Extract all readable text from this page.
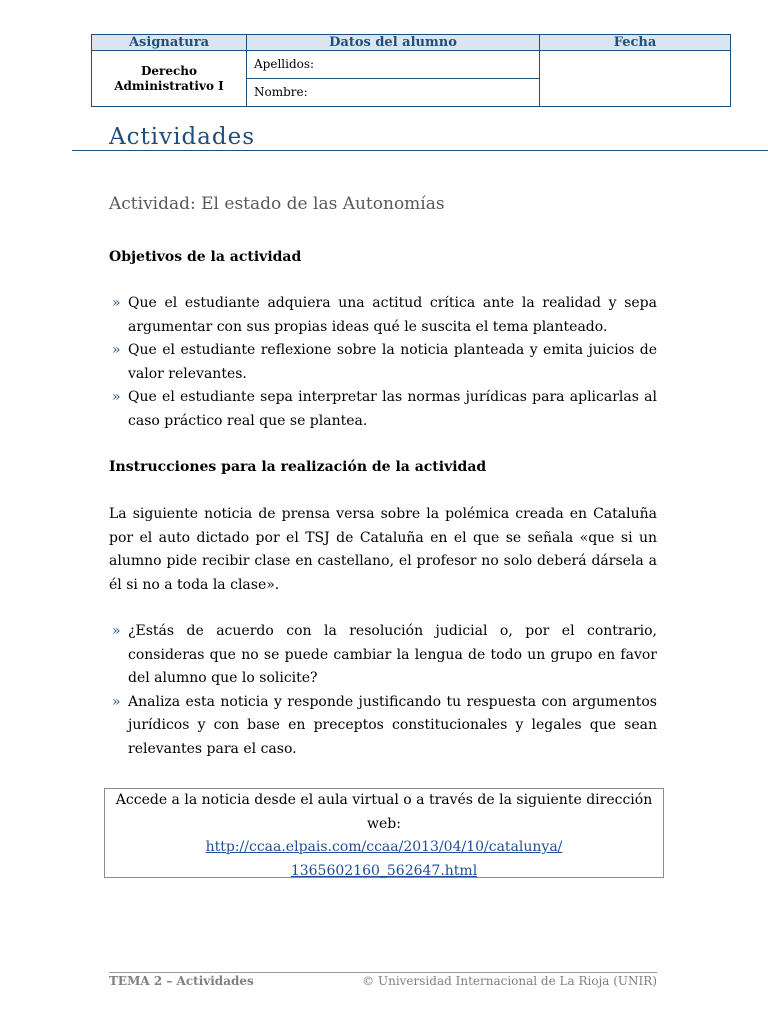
Asignatura
Derecho
Administrativo I
Datos del alumno
Apellidos:
Nombre:
Fecha
Actividades
Actividad: El estado de las Autonomías
Objetivos de la actividad
» Que el estudiante adquiera una actitud crítica ante la realidad y sepa argumentar con sus propias ideas qué le suscita el tema planteado.
» Que el estudiante reflexione sobre la noticia planteada y emita juicios de valor relevantes.
» Que el estudiante sepa interpretar las normas jurídicas para aplicarlas al caso práctico real que se plantea.
Instrucciones para la realización de la actividad
La siguiente noticia de prensa versa sobre la polémica creada en Cataluña por el auto dictado por el TSJ de Cataluña en el que se señala «que si un alumno pide recibir clase en castellano, el profesor no solo deberá dársela a él si no a toda la clase».
» ¿Estás de acuerdo con la resolución judicial o, por el contrario, consideras que no se puede cambiar la lengua de todo un grupo en favor del alumno que lo solicite?
» Analiza esta noticia y responde justificando tu respuesta con argumentos jurídicos y con base en preceptos constitucionales y legales que sean relevantes para el caso.
Accede a la noticia desde el aula virtual o a través de la siguiente dirección web:
http://ccaa.elpais.com/ccaa/2013/04/10/catalunya/
1365602160_562647.html
TEMA 2 – Actividades	© Universidad Internacional de La Rioja (UNIR)
